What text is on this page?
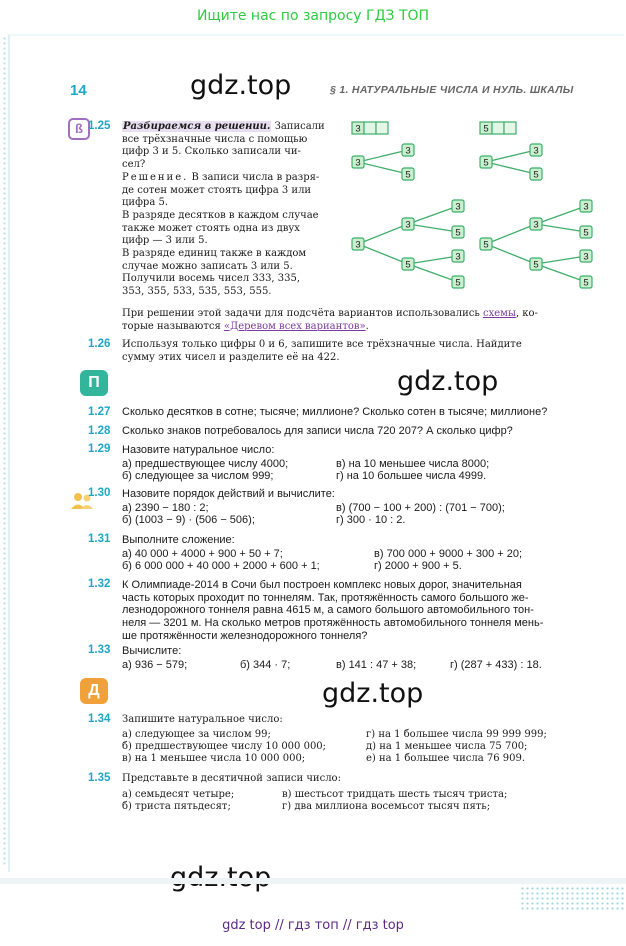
Ищите нас по запросу ГДЗ ТОП
14	§ 1. НАТУРАЛЬНЫЕ ЧИСЛА И НУЛЬ. ШКАЛЫ
gdz.top
gdz.top
gdz.top
ß 1.25 Разбираемся в решении. Записали
все трёхзначные числа с помощью
цифр 3 и 5. Сколько записали чи-
сел?
Решение. В записи числа в разря-
де сотен может стоять цифра 3 или
цифра 5.
В разряде десятков в каждом случае
также может стоять одна из двух
цифр — 3 или 5.
В разряде единиц также в каждом
случае можно записать 3 или 5.
Получили восемь чисел 333, 335,
353, 355, 533, 535, 553, 555.
При решении этой задачи для подсчёта вариантов использовались схемы, ко-
торые называются «Деревом всех вариантов».
3
3
3
5
5
5
3
5
3
3
5
3
5
3
5
5
3
5
3
5
3
5
1.26 Используя только цифры 0 и 6, запишите все трёхзначные числа. Найдите
сумму этих чисел и разделите её на 422.
П
1.27 Сколько десятков в сотне; тысяче; миллионе? Сколько сотен в тысяче; миллионе?
1.28 Сколько знаков потребовалось для записи числа 720 207? А сколько цифр?
1.29 Назовите натуральное число:
а) предшествующее числу 4000;	в) на 10 меньшее числа 8000;
б) следующее за числом 999;	г) на 10 большее числа 4999.
1.30 Назовите порядок действий и вычислите:
а) 2390 − 180 : 2;	в) (700 − 100 + 200) : (701 − 700);
б) (1003 − 9) · (506 − 506);	г) 300 · 10 : 2.
1.31 Выполните сложение:
а) 40 000 + 4000 + 900 + 50 + 7;	в) 700 000 + 9000 + 300 + 20;
б) 6 000 000 + 40 000 + 2000 + 600 + 1;	г) 2000 + 900 + 5.
1.32 К Олимпиаде-2014 в Сочи был построен комплекс новых дорог, значительная
часть которых проходит по тоннелям. Так, протяжённость самого большого же-
лезнодорожного тоннеля равна 4615 м, а самого большого автомобильного тон-
неля — 3201 м. На сколько метров протяжённость автомобильного тоннеля мень-
ше протяжённости железнодорожного тоннеля?
1.33 Вычислите:
а) 936 − 579;	б) 344 · 7;	в) 141 : 47 + 38;	г) (287 + 433) : 18.
Д
1.34 Запишите натуральное число:
а) следующее за числом 99;	г) на 1 большее числа 99 999 999;
б) предшествующее числу 10 000 000;	д) на 1 меньшее числа 75 700;
в) на 1 меньшее числа 10 000 000;	е) на 1 большее числа 76 909.
1.35 Представьте в десятичной записи число:
а) семьдесят четыре;	в) шестьсот тридцать шесть тысяч триста;
б) триста пятьдесят;	г) два миллиона восемьсот тысяч пять;
gdz top // гдз топ // гдз top
